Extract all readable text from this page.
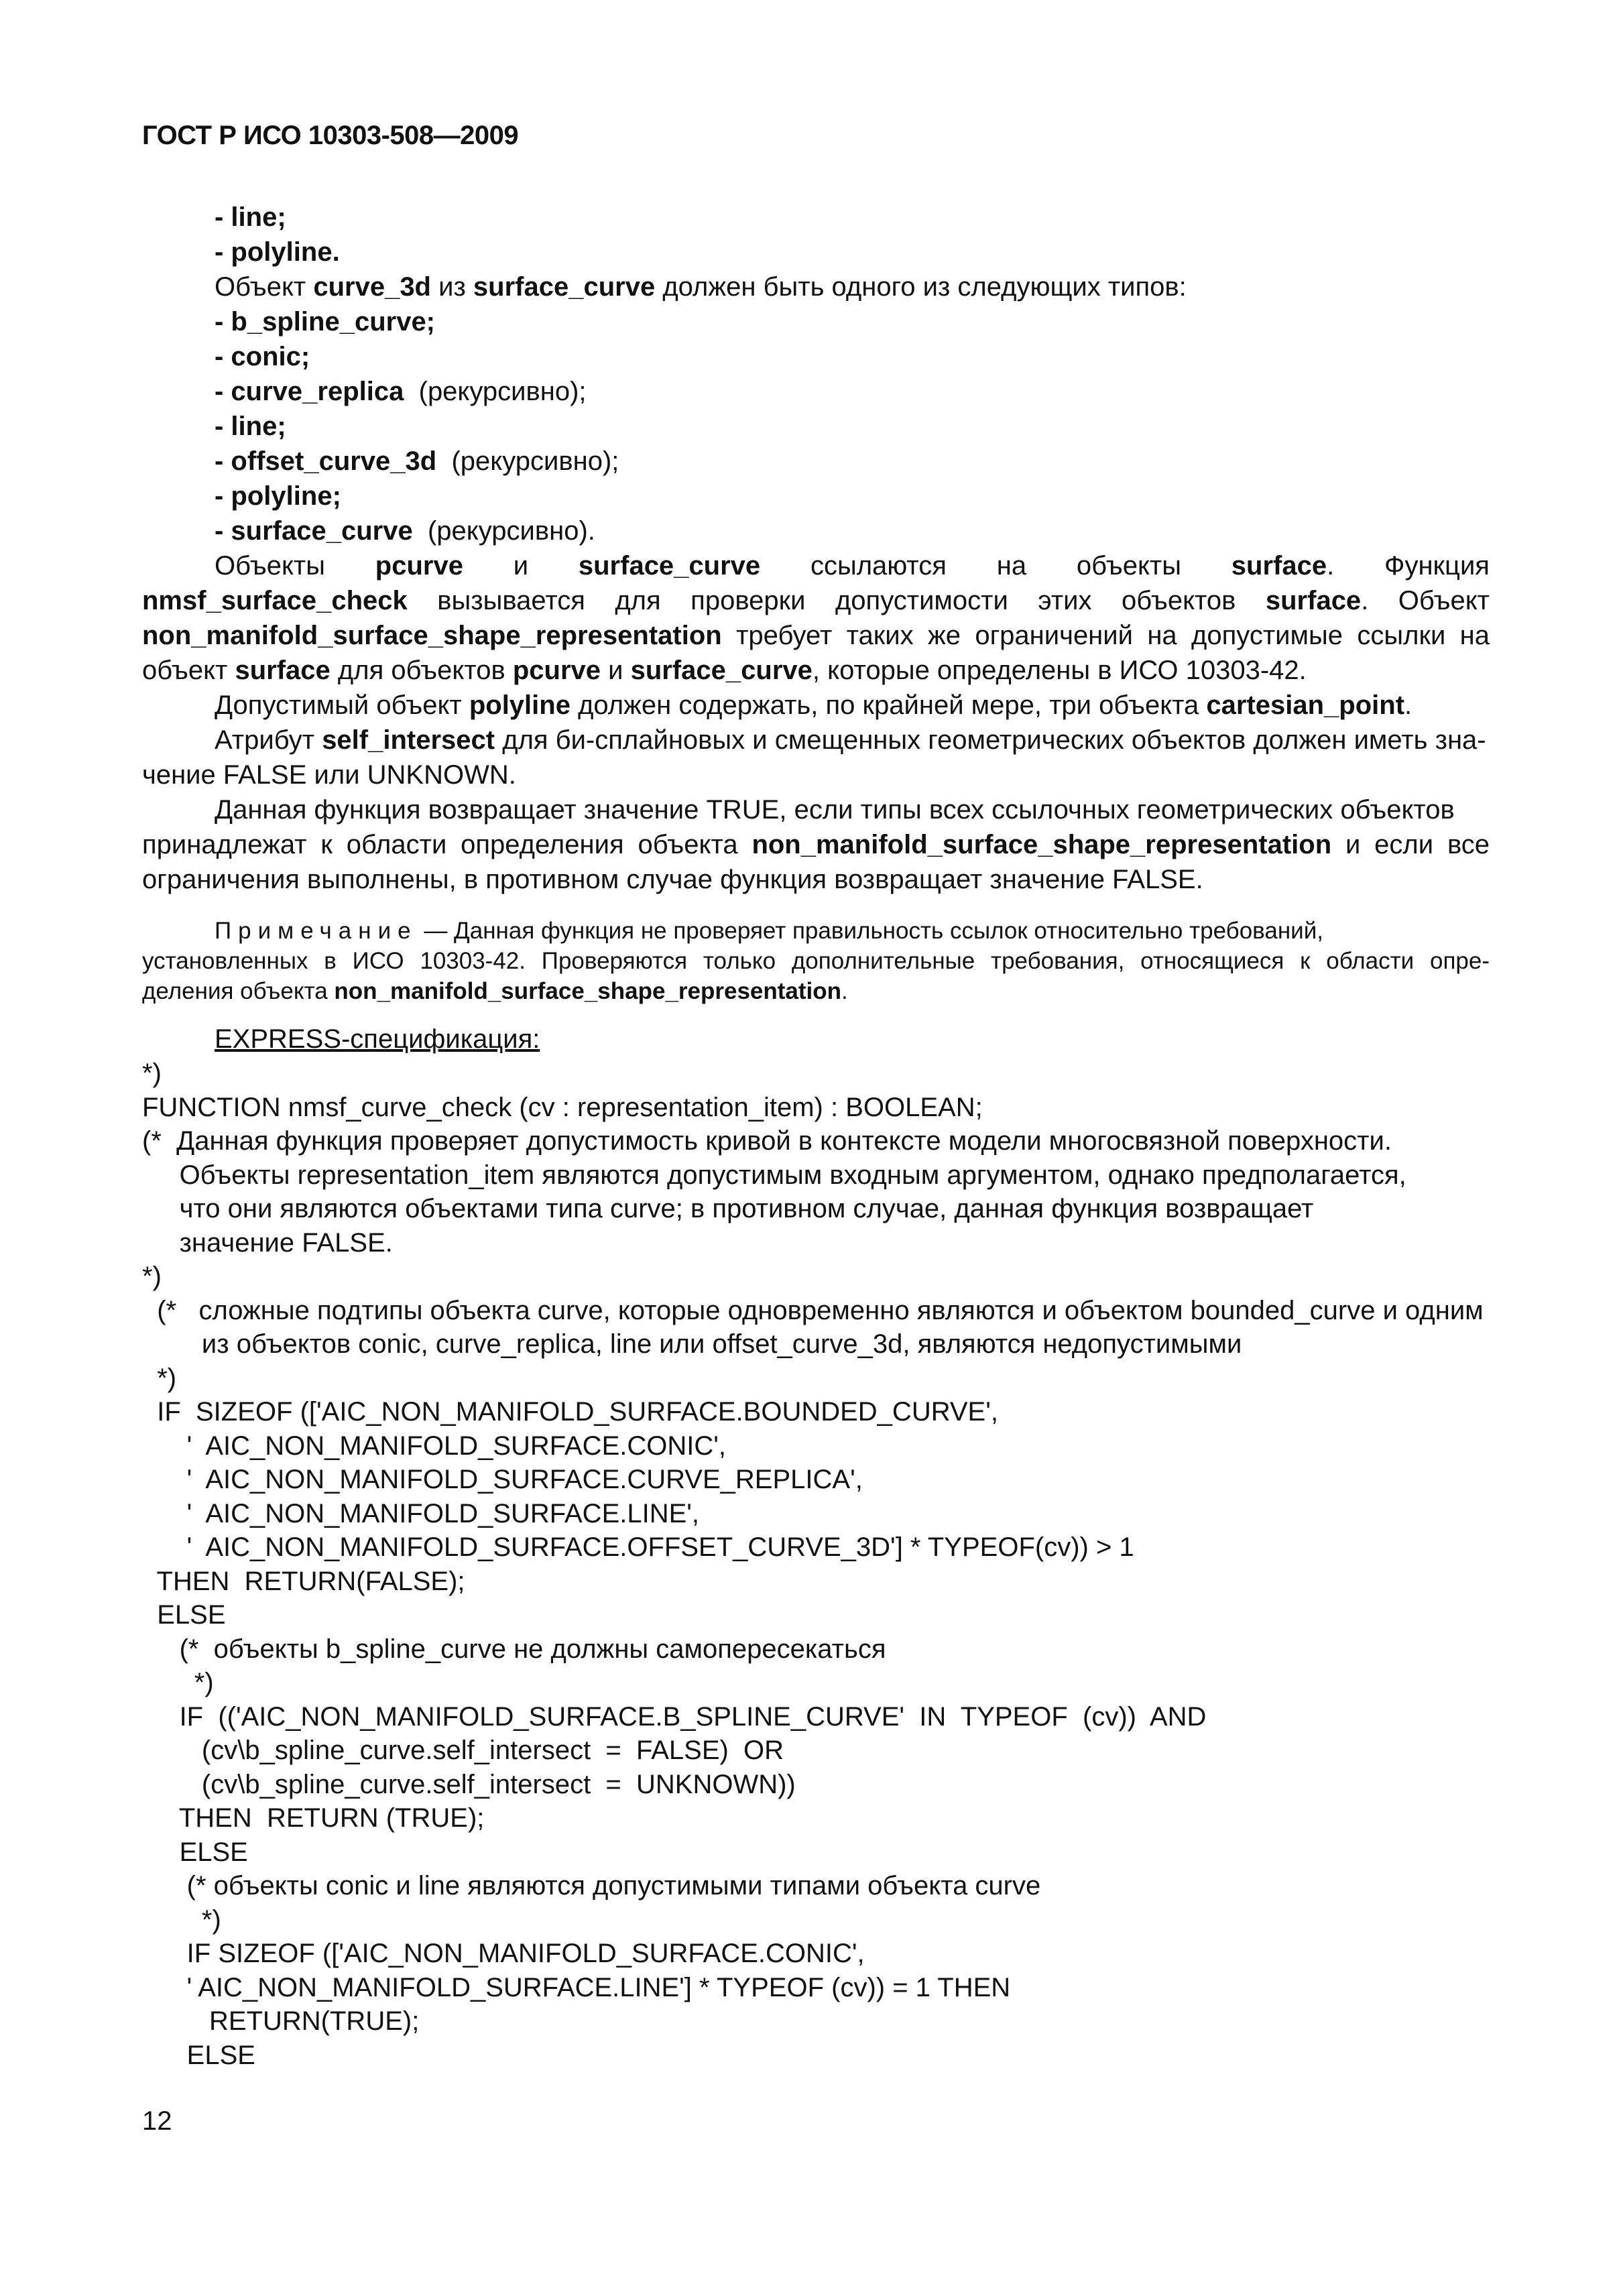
ГОСТ Р ИСО 10303-508—2009
- line;
- polyline.
Объект curve_3d из surface_curve должен быть одного из следующих типов:
- b_spline_curve;
- conic;
- curve_replica  (рекурсивно);
- line;
- offset_curve_3d  (рекурсивно);
- polyline;
- surface_curve  (рекурсивно).
Объекты pcurve и surface_curve ссылаются на объекты surface. Функция
nmsf_surface_check вызывается для проверки допустимости этих объектов surface. Объект
non_manifold_surface_shape_representation требует таких же ограничений на допустимые ссылки на
объект surface для объектов pcurve и surface_curve, которые определены в ИСО 10303-42.
Допустимый объект polyline должен содержать, по крайней мере, три объекта cartesian_point.
Атрибут self_intersect для би-сплайновых и смещенных геометрических объектов должен иметь зна-
чение FALSE или UNKNOWN.
Данная функция возвращает значение TRUE, если типы всех ссылочных геометрических объектов
принадлежат к области определения объекта non_manifold_surface_shape_representation и если все
ограничения выполнены, в противном случае функция возвращает значение FALSE.
Примечание — Данная функция не проверяет правильность ссылок относительно требований,
установленных в ИСО 10303-42. Проверяются только дополнительные требования, относящиеся к области опре-
деления объекта non_manifold_surface_shape_representation.
EXPRESS-спецификация:
*)
FUNCTION nmsf_curve_check (cv : representation_item) : BOOLEAN;
(*  Данная функция проверяет допустимость кривой в контексте модели многосвязной поверхности.
Объекты representation_item являются допустимым входным аргументом, однако предполагается,
что они являются объектами типа curve; в противном случае, данная функция возвращает
значение FALSE.
*)
(*   сложные подтипы объекта curve, которые одновременно являются и объектом bounded_curve и одним
из объектов conic, curve_replica, line или offset_curve_3d, являются недопустимыми
*)
IF  SIZEOF (['AIC_NON_MANIFOLD_SURFACE.BOUNDED_CURVE',
'  AIC_NON_MANIFOLD_SURFACE.CONIC',
'  AIC_NON_MANIFOLD_SURFACE.CURVE_REPLICA',
'  AIC_NON_MANIFOLD_SURFACE.LINE',
'  AIC_NON_MANIFOLD_SURFACE.OFFSET_CURVE_3D'] * TYPEOF(cv)) > 1
THEN  RETURN(FALSE);
ELSE
(*  объекты b_spline_curve не должны самопересекаться
*)
IF  (('AIC_NON_MANIFOLD_SURFACE.B_SPLINE_CURVE'  IN  TYPEOF  (cv))  AND
(cv\b_spline_curve.self_intersect  =  FALSE)  OR
(cv\b_spline_curve.self_intersect  =  UNKNOWN))
THEN  RETURN (TRUE);
ELSE
(* объекты conic и line являются допустимыми типами объекта curve
*)
IF SIZEOF (['AIC_NON_MANIFOLD_SURFACE.CONIC',
' AIC_NON_MANIFOLD_SURFACE.LINE'] * TYPEOF (cv)) = 1 THEN
RETURN(TRUE);
ELSE
12
